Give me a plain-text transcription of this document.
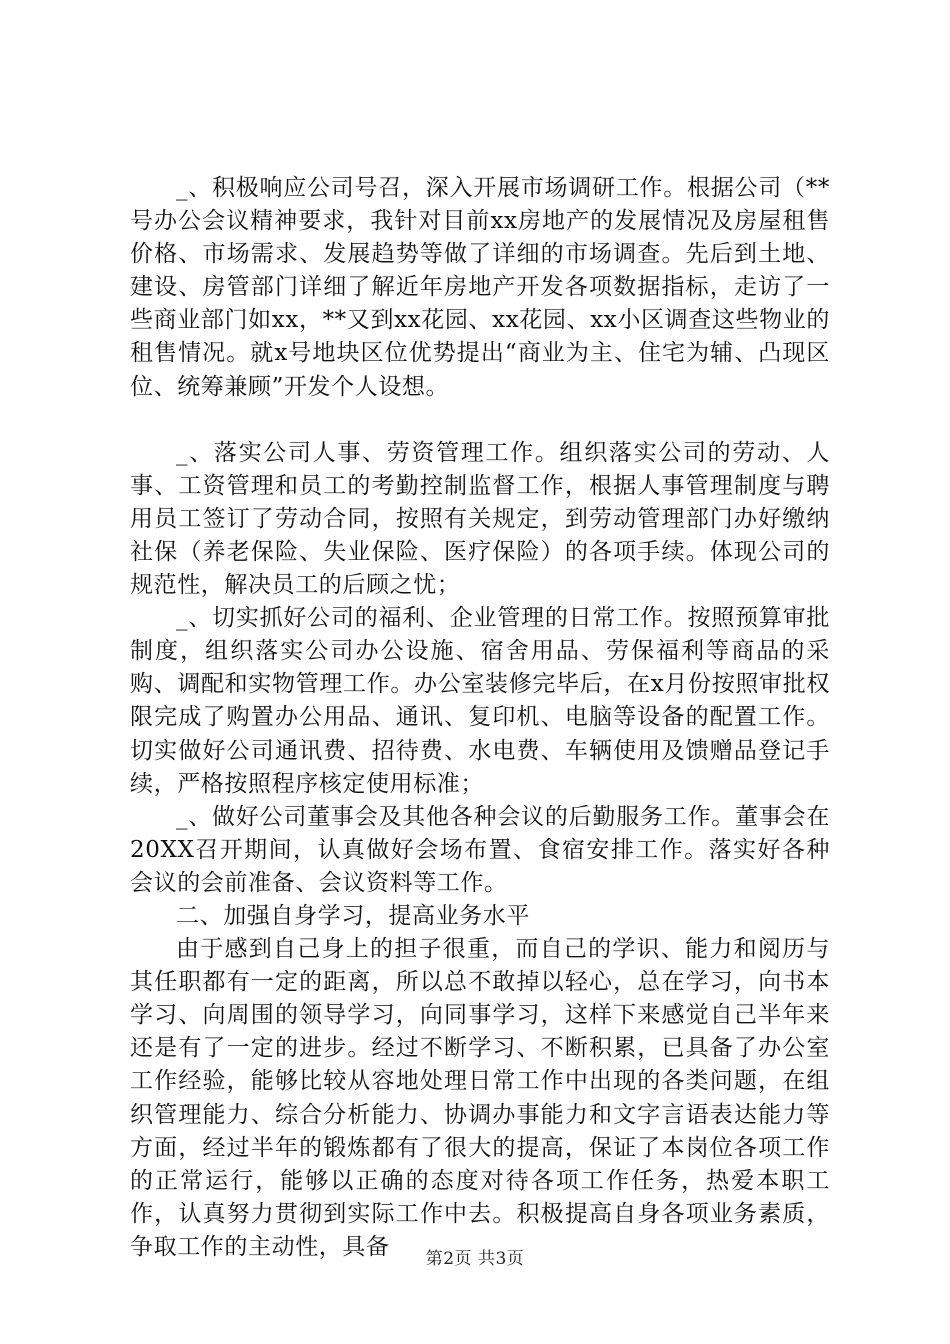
_、积极响应公司号召，深入开展市场调研工作。根据公司（**号办公会议精神要求，我针对目前xx房地产的发展情况及房屋租售价格、市场需求、发展趋势等做了详细的市场调查。先后到土地、建设、房管部门详细了解近年房地产开发各项数据指标，走访了一些商业部门如xx，**又到xx花园、xx花园、xx小区调查这些物业的租售情况。就x号地块区位优势提出“商业为主、住宅为辅、凸现区位、统筹兼顾”开发个人设想。

_、落实公司人事、劳资管理工作。组织落实公司的劳动、人事、工资管理和员工的考勤控制监督工作，根据人事管理制度与聘用员工签订了劳动合同，按照有关规定，到劳动管理部门办好缴纳社保（养老保险、失业保险、医疗保险）的各项手续。体现公司的规范性，解决员工的后顾之忧；

_、切实抓好公司的福利、企业管理的日常工作。按照预算审批制度，组织落实公司办公设施、宿舍用品、劳保福利等商品的采购、调配和实物管理工作。办公室装修完毕后，在x月份按照审批权限完成了购置办公用品、通讯、复印机、电脑等设备的配置工作。切实做好公司通讯费、招待费、水电费、车辆使用及馈赠品登记手续，严格按照程序核定使用标准；

_、做好公司董事会及其他各种会议的后勤服务工作。董事会在20XX召开期间，认真做好会场布置、食宿安排工作。落实好各种会议的会前准备、会议资料等工作。

二、加强自身学习，提高业务水平

由于感到自己身上的担子很重，而自己的学识、能力和阅历与其任职都有一定的距离，所以总不敢掉以轻心，总在学习，向书本学习、向周围的领导学习，向同事学习，这样下来感觉自己半年来还是有了一定的进步。经过不断学习、不断积累，已具备了办公室工作经验，能够比较从容地处理日常工作中出现的各类问题，在组织管理能力、综合分析能力、协调办事能力和文字言语表达能力等方面，经过半年的锻炼都有了很大的提高，保证了本岗位各项工作的正常运行，能够以正确的态度对待各项工作任务，热爱本职工作，认真努力贯彻到实际工作中去。积极提高自身各项业务素质，争取工作的主动性，具备	第2页 共3页
